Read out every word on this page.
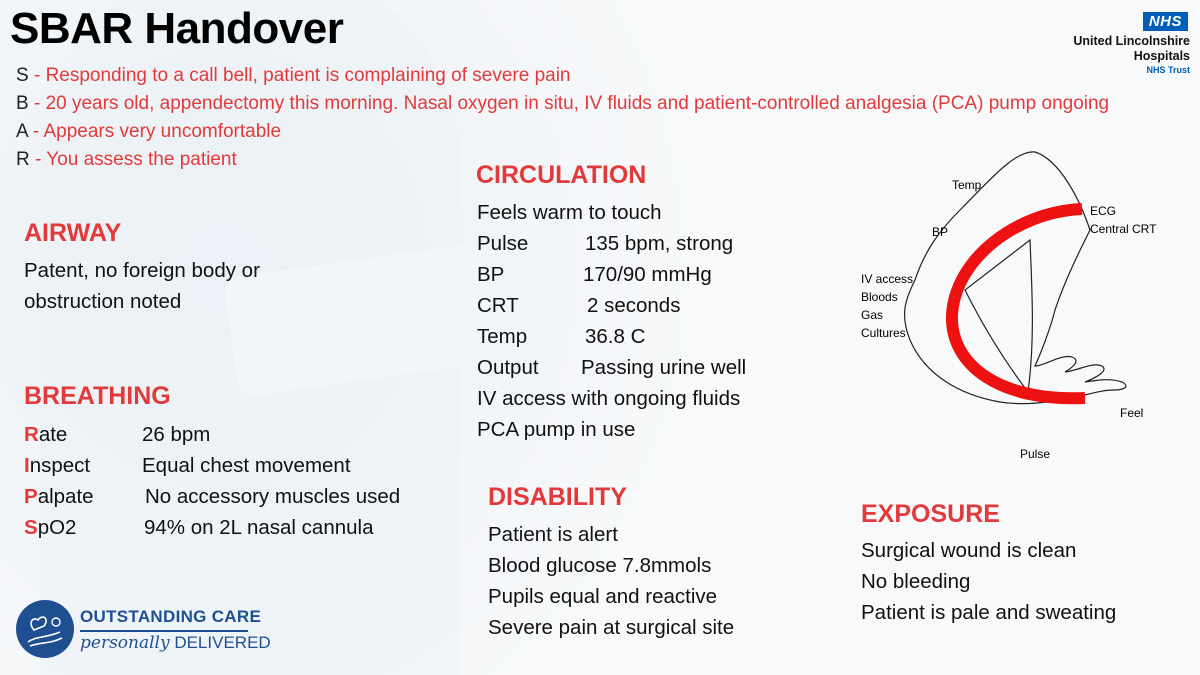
SBAR Handover	NHS
United Lincolnshire
Hospitals
NHS Trust
S - Responding to a call bell, patient is complaining of severe pain
B - 20 years old, appendectomy this morning. Nasal oxygen in situ, IV fluids and patient-controlled analgesia (PCA) pump ongoing
A - Appears very uncomfortable
R - You assess the patient
AIRWAY
Patent, no foreign body or
obstruction noted
BREATHING
Rate	26 bpm
Inspect	Equal chest movement
Palpate	No accessory muscles used
SpO2	94% on 2L nasal cannula
CIRCULATION
Feels warm to touch
Pulse	135 bpm, strong
BP	170/90 mmHg
CRT	2 seconds
Temp	36.8 C
Output	Passing urine well
IV access with ongoing fluids
PCA pump in use
DISABILITY
Patient is alert
Blood glucose 7.8mmols
Pupils equal and reactive
Severe pain at surgical site
EXPOSURE
Surgical wound is clean
No bleeding
Patient is pale and sweating
Temp
BP
ECG
Central CRT
IV access
Bloods
Gas
Cultures
Feel
Pulse
OUTSTANDING CARE
personally DELIVERED
